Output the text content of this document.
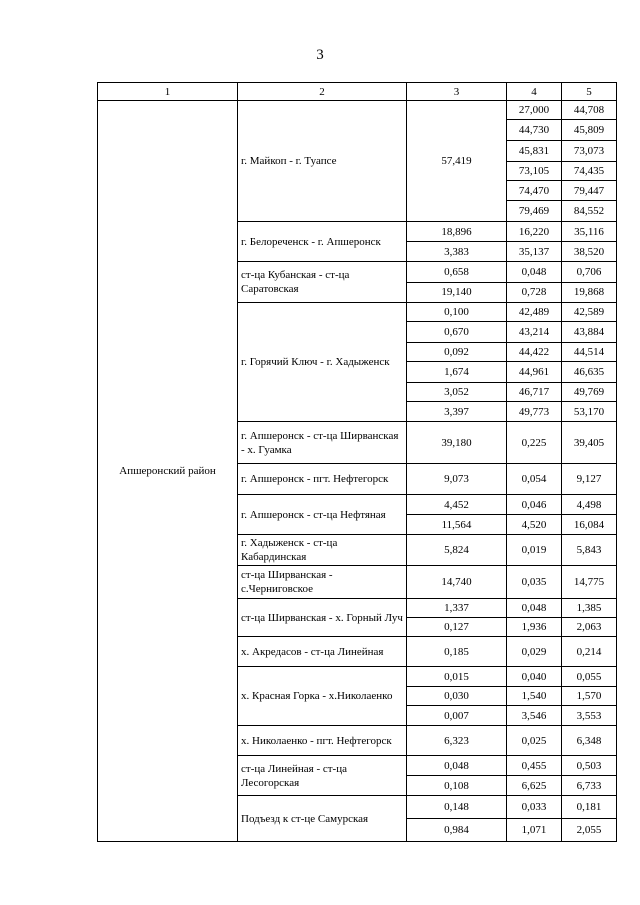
3
1	2	3	4	5
Апшеронский район	г. Майкоп - г. Туапсе	57,419	27,000	44,708
			44,730	45,809
			45,831	73,073
			73,105	74,435
			74,470	79,447
			79,469	84,552
	г. Белореченск - г. Апшеронск	18,896	16,220	35,116
		3,383	35,137	38,520
	ст-ца Кубанская - ст-ца Саратовская	0,658	0,048	0,706
		19,140	0,728	19,868
	г. Горячий Ключ - г. Хадыженск	0,100	42,489	42,589
		0,670	43,214	43,884
		0,092	44,422	44,514
		1,674	44,961	46,635
		3,052	46,717	49,769
		3,397	49,773	53,170
	г. Апшеронск - ст-ца Ширванская - х. Гуамка	39,180	0,225	39,405
	г. Апшеронск - пгт. Нефтегорск	9,073	0,054	9,127
	г. Апшеронск - ст-ца Нефтяная	4,452	0,046	4,498
		11,564	4,520	16,084
	г. Хадыженск - ст-ца Кабардинская	5,824	0,019	5,843
	ст-ца Ширванская - с.Черниговское	14,740	0,035	14,775
	ст-ца Ширванская - х. Горный Луч	1,337	0,048	1,385
		0,127	1,936	2,063
	х. Акредасов - ст-ца Линейная	0,185	0,029	0,214
	х. Красная Горка - х.Николаенко	0,015	0,040	0,055
		0,030	1,540	1,570
		0,007	3,546	3,553
	х. Николаенко - пгт. Нефтегорск	6,323	0,025	6,348
	ст-ца Линейная - ст-ца Лесогорская	0,048	0,455	0,503
		0,108	6,625	6,733
	Подъезд к ст-це Самурская	0,148	0,033	0,181
		0,984	1,071	2,055
